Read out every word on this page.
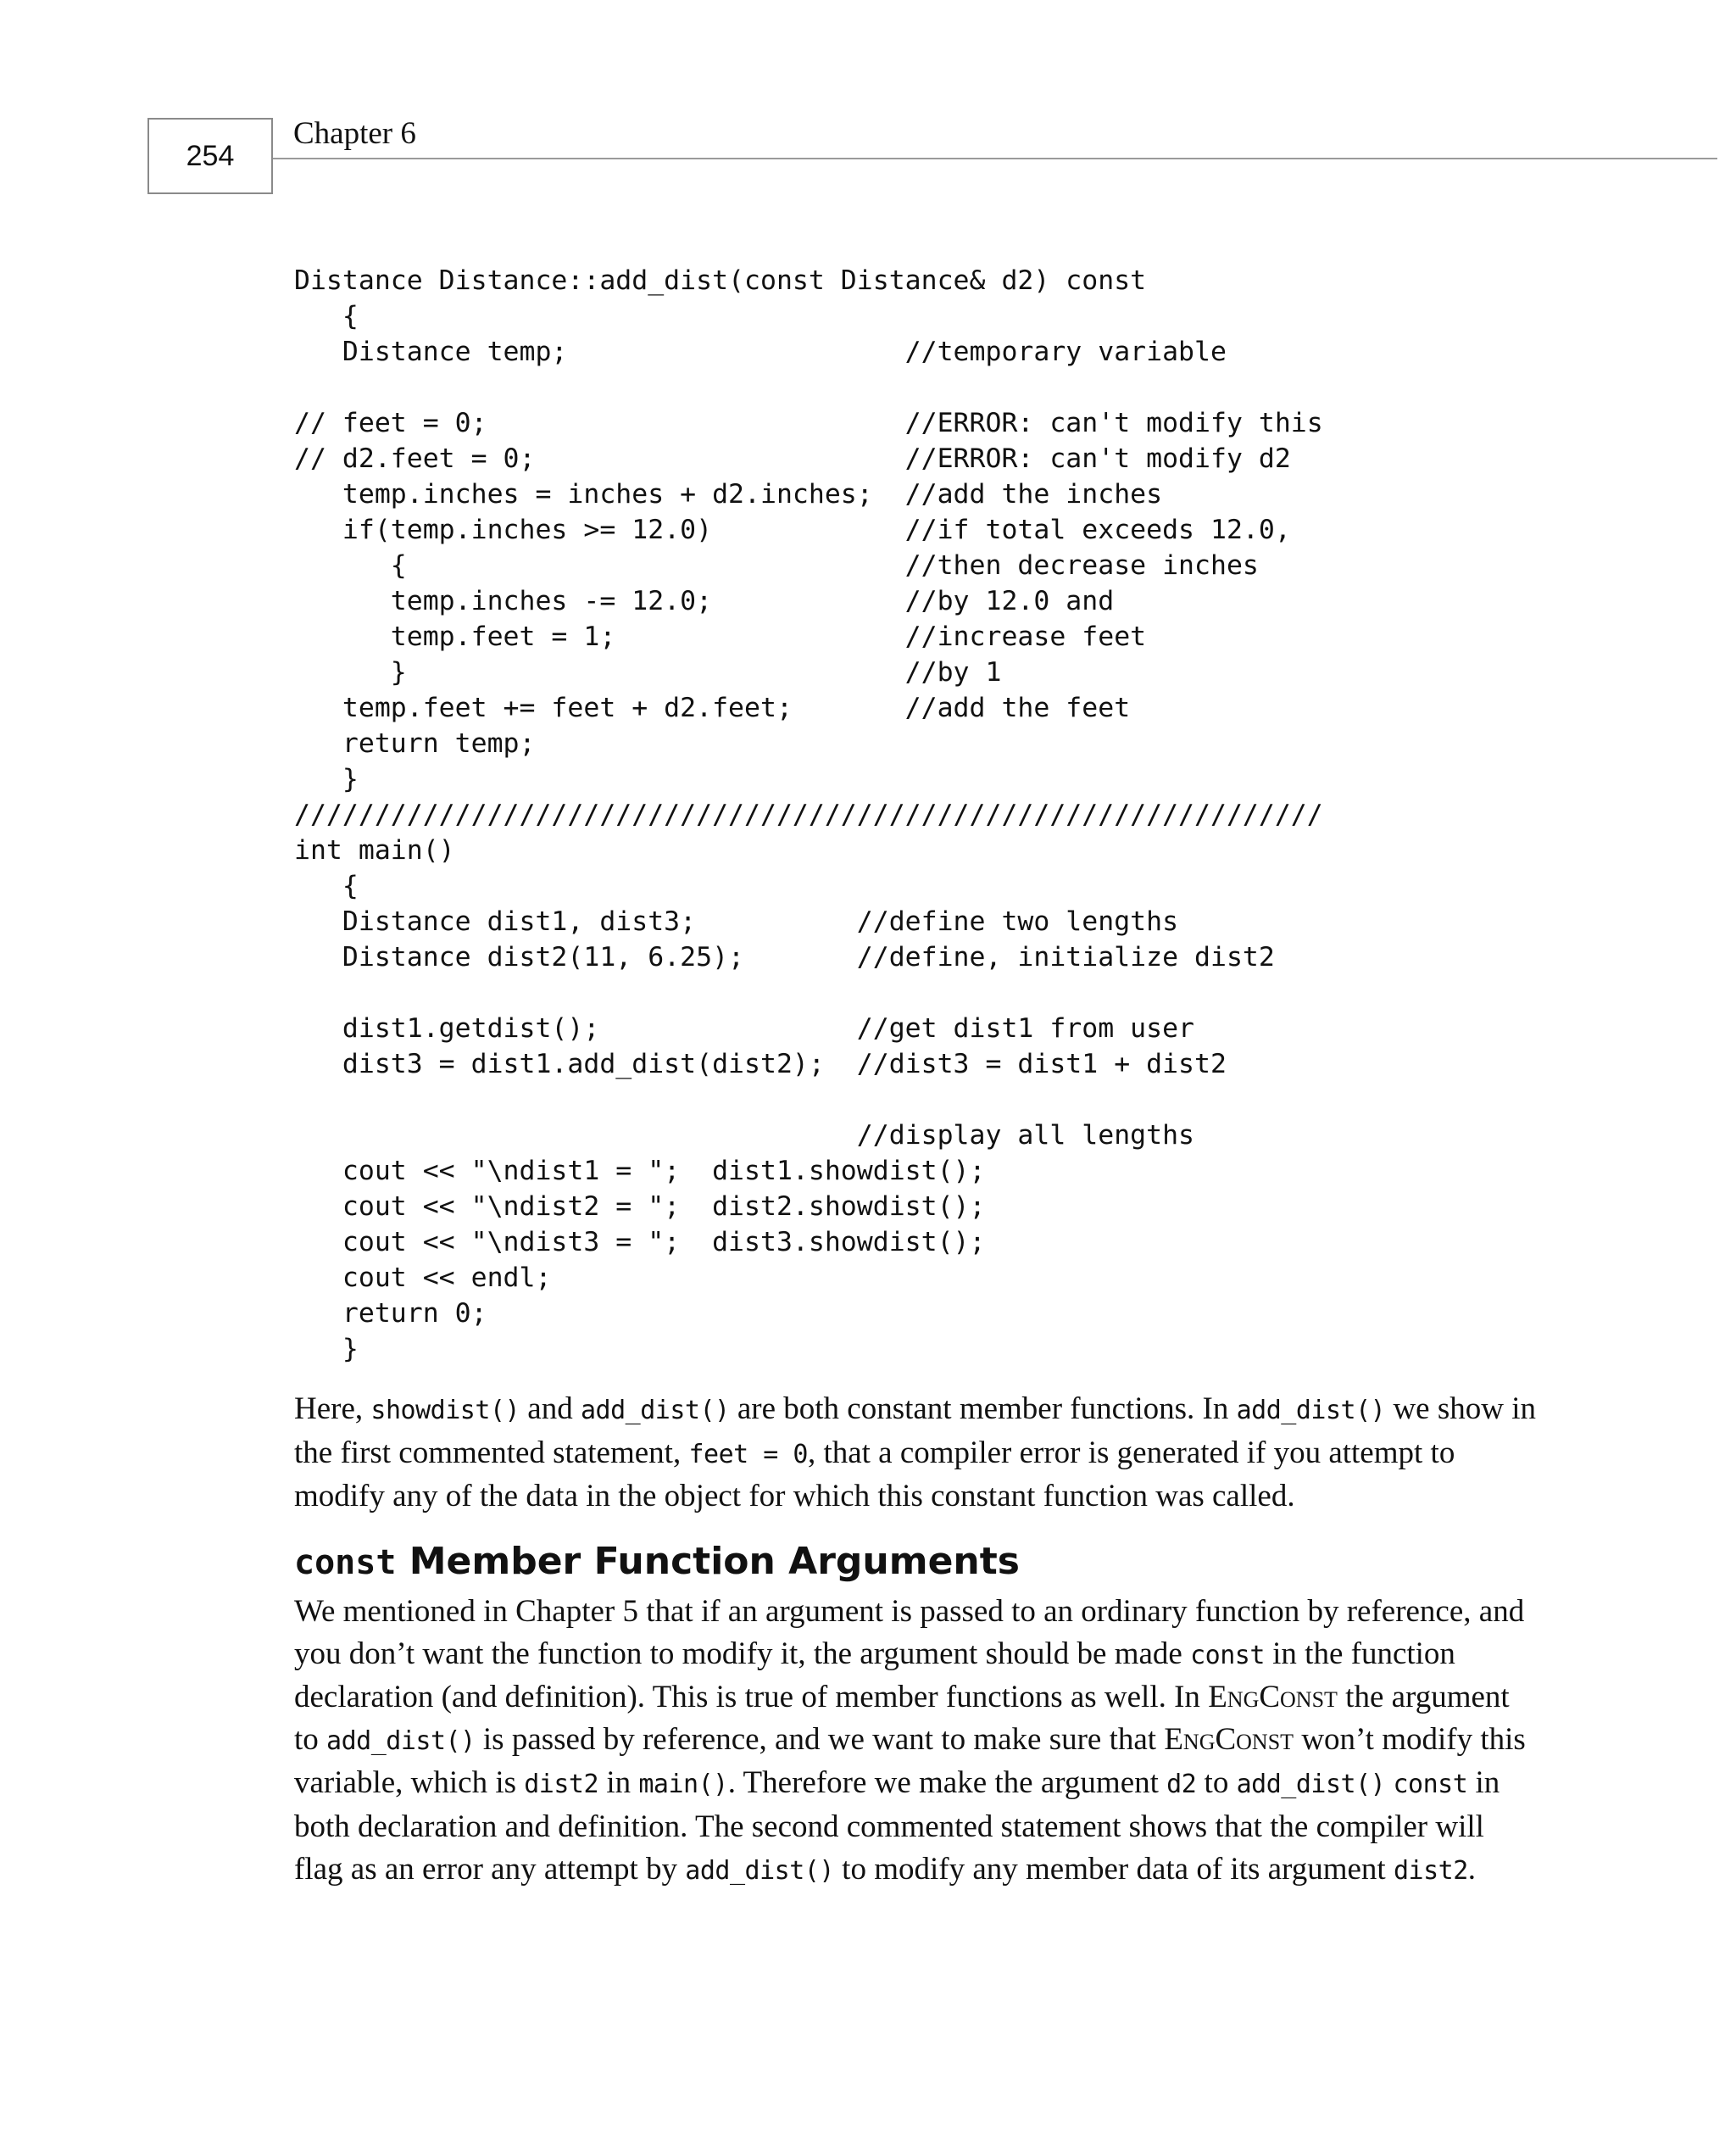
254
Chapter 6
Distance Distance::add_dist(const Distance& d2) const
{
Distance temp;                     //temporary variable
// feet = 0;                          //ERROR: can't modify this
// d2.feet = 0;                       //ERROR: can't modify d2
temp.inches = inches + d2.inches;  //add the inches
if(temp.inches >= 12.0)            //if total exceeds 12.0,
{                               //then decrease inches
temp.inches -= 12.0;            //by 12.0 and
temp.feet = 1;                  //increase feet
}                               //by 1
temp.feet += feet + d2.feet;       //add the feet
return temp;
}
////////////////////////////////////////////////////////////////
int main()
{
Distance dist1, dist3;          //define two lengths
Distance dist2(11, 6.25);       //define, initialize dist2
dist1.getdist();                //get dist1 from user
dist3 = dist1.add_dist(dist2);  //dist3 = dist1 + dist2
//display all lengths
cout << "\ndist1 = ";  dist1.showdist();
cout << "\ndist2 = ";  dist2.showdist();
cout << "\ndist3 = ";  dist3.showdist();
cout << endl;
return 0;
}

Here, showdist() and add_dist() are both constant member functions. In add_dist() we show in the first commented statement, feet = 0, that a compiler error is generated if you attempt to modify any of the data in the object for which this constant function was called.

const Member Function Arguments

We mentioned in Chapter 5 that if an argument is passed to an ordinary function by reference, and you don’t want the function to modify it, the argument should be made const in the function declaration (and definition). This is true of member functions as well. In EngConst the argument to add_dist() is passed by reference, and we want to make sure that EngConst won’t modify this variable, which is dist2 in main(). Therefore we make the argument d2 to add_dist() const in both declaration and definition. The second commented statement shows that the compiler will flag as an error any attempt by add_dist() to modify any member data of its argument dist2.
